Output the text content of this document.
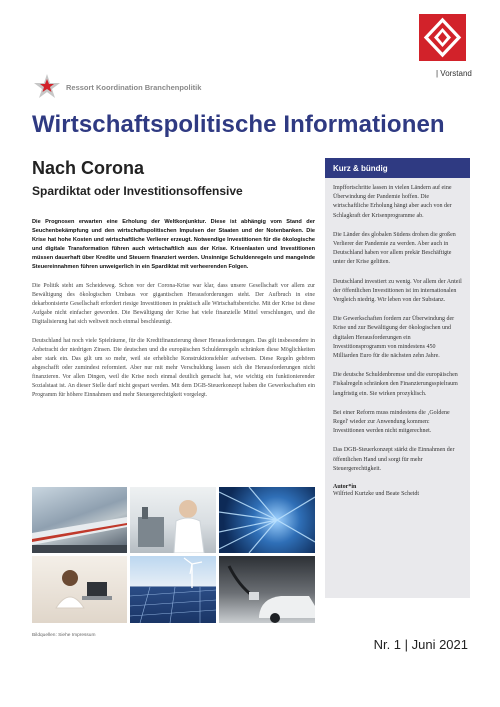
| Vorstand
Ressort Koordination Branchenpolitik
Wirtschaftspolitische Informationen
Nach Corona
Spardiktat oder Investitionsoffensive

Die Prognosen erwarten eine Erholung der Weltkonjunktur. Diese ist abhängig vom Stand der Seuchenbekämpfung und den wirtschaftspolitischen Impulsen der Staaten und der Notenbanken. Die Krise hat hohe Kosten und wirtschaftliche Verlierer erzeugt. Notwendige Investitionen für die ökologische und digitale Transformation führen auch wirtschaftlich aus der Krise. Krisenlasten und Investitionen müssen dauerhaft über Kredite und Steuern finanziert werden. Unsinnige Schuldenregeln und mangelnde Steuereinnahmen führen unweigerlich in ein Spardiktat mit verheerenden Folgen.

Die Politik steht am Scheideweg. Schon vor der Corona-Krise war klar, dass unsere Gesellschaft vor allem zur Bewältigung des ökologischen Umbaus vor gigantischen Herausforderungen steht. Der Aufbruch in eine dekarbonisierte Gesellschaft erfordert riesige Investitionen in praktisch alle Wirtschaftsbereiche. Mit der Krise ist diese Aufgabe nicht einfacher geworden. Die Bewältigung der Krise hat viele finanzielle Mittel verschlungen, und die Digitalisierung hat sich weltweit noch einmal beschleunigt.

Deutschland hat noch viele Spielräume, für die Kreditfinanzierung dieser Herausforderungen. Das gilt insbesondere in Anbetracht der niedrigen Zinsen. Die deutschen und die europäischen Schuldenregeln schränken diese Möglichkeiten aber stark ein. Das gilt um so mehr, weil sie erhebliche Konstruktionsfehler aufweisen. Diese Regeln gehören abgeschafft oder zumindest reformiert. Aber nur mit mehr Verschuldung lassen sich die Herausforderungen nicht finanzieren. Vor allen Dingen, weil die Krise noch einmal deutlich gemacht hat, wie wichtig ein funktionierender Sozialstaat ist. An dieser Stelle darf nicht gespart werden. Mit dem DGB-Steuerkonzept haben die Gewerkschaften ein Programm für höhere Einnahmen und mehr Steuergerechtigkeit vorgelegt.

Bildquellen: Siehe Impressum
Kurz & bündig

Impffortschritte lassen in vielen Ländern auf eine Überwindung der Pandemie hoffen. Die wirtschaftliche Erholung hängt aber auch von der Schlagkraft der Krisenprogramme ab.

Die Länder des globalen Südens drohen die großen Verlierer der Pandemie zu werden. Aber auch in Deutschland haben vor allem prekär Beschäftigte unter der Krise gelitten.

Deutschland investiert zu wenig. Vor allem der Anteil der öffentlichen Investitionen ist im internationalen Vergleich niedrig. Wir leben von der Substanz.

Die Gewerkschaften fordern zur Überwindung der Krise und zur Bewältigung der ökologischen und digitalen Herausforderungen ein Investitionsprogramm von mindestens 450 Milliarden Euro für die nächsten zehn Jahre.

Die deutsche Schuldenbremse und die europäischen Fiskalregeln schränken den Finanzierungsspielraum langfristig ein. Sie wirken prozyklisch.

Bei einer Reform muss mindestens die ‚Goldene Regel' wieder zur Anwendung kommen: Investitionen werden nicht mitgerechnet.

Das DGB-Steuerkonzept stärkt die Einnahmen der öffentlichen Hand und sorgt für mehr Steuergerechtigkeit.

Autor*in
Wilfried Kurtzke und Beate Scheidt
Nr. 1 | Juni 2021
